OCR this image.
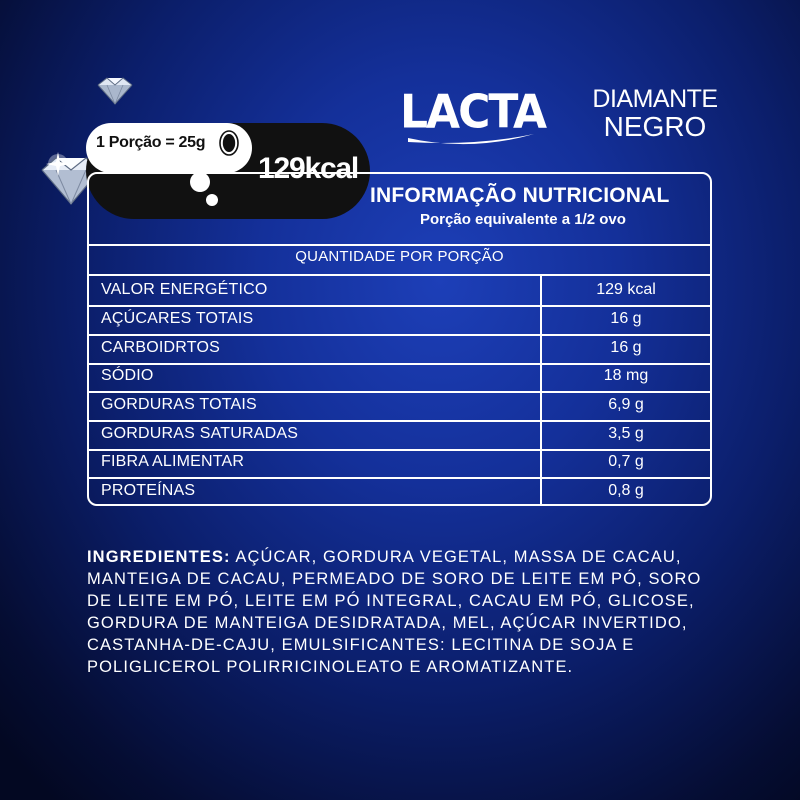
LACTA DIAMANTE
NEGRO
1 Porção = 25g
129kcal
INFORMAÇÃO NUTRICIONAL
Porção equivalente a 1/2 ovo
QUANTIDADE POR PORÇÃO
VALOR ENERGÉTICO	129 kcal
AÇÚCARES TOTAIS	16 g
CARBOIDRTOS	16 g
SÓDIO	18 mg
GORDURAS TOTAIS	6,9 g
GORDURAS SATURADAS	3,5 g
FIBRA ALIMENTAR	0,7 g
PROTEÍNAS	0,8 g
INGREDIENTES: AÇÚCAR, GORDURA VEGETAL, MASSA DE CACAU, MANTEIGA DE CACAU, PERMEADO DE SORO DE LEITE EM PÓ, SORO DE LEITE EM PÓ, LEITE EM PÓ INTEGRAL, CACAU EM PÓ, GLICOSE, GORDURA DE MANTEIGA DESIDRATADA, MEL, AÇÚCAR INVERTIDO, CASTANHA-DE-CAJU, EMULSIFICANTES: LECITINA DE SOJA E POLIGLICEROL POLIRRICINOLEATO E AROMATIZANTE.
